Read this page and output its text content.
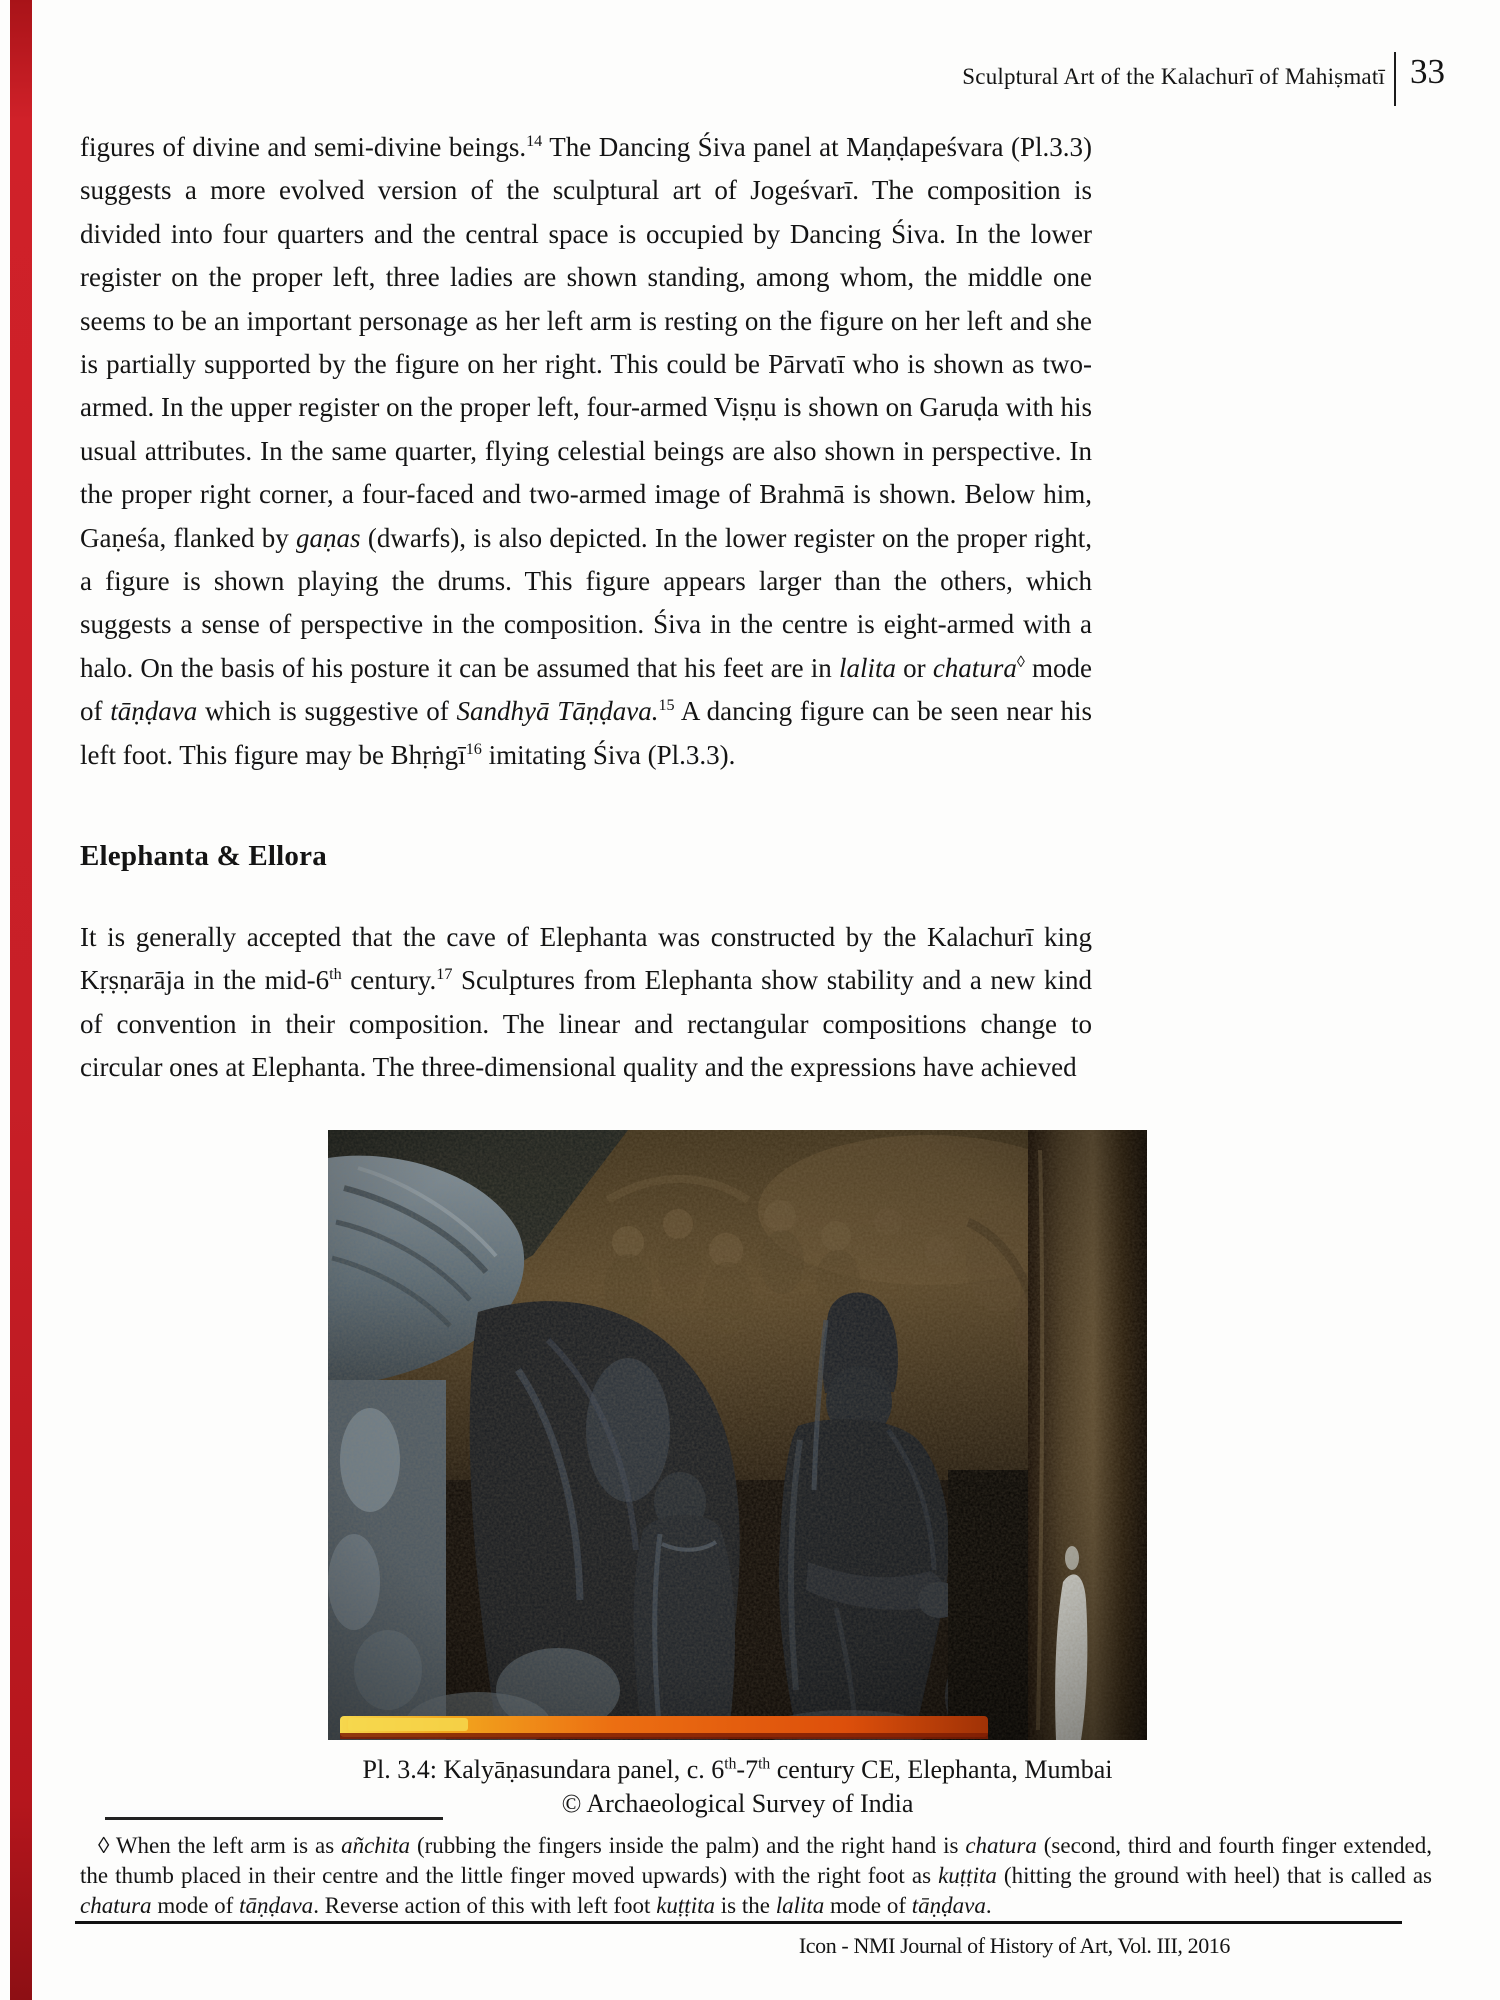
Sculptural Art of the Kalachurī of Mahiṣmatī 33

figures of divine and semi-divine beings.$^{14}$ The Dancing Śiva panel at Maṇḍapeśvara (Pl.3.3) suggests a more evolved version of the sculptural art of Jogeśvarī. The composition is divided into four quarters and the central space is occupied by Dancing Śiva. In the lower register on the proper left, three ladies are shown standing, among whom, the middle one seems to be an important personage as her left arm is resting on the figure on her left and she is partially supported by the figure on her right. This could be Pārvatī who is shown as two-armed. In the upper register on the proper left, four-armed Viṣṇu is shown on Garuḍa with his usual attributes. In the same quarter, flying celestial beings are also shown in perspective. In the proper right corner, a four-faced and two-armed image of Brahmā is shown. Below him, Gaṇeśa, flanked by gaṇas (dwarfs), is also depicted. In the lower register on the proper right, a figure is shown playing the drums. This figure appears larger than the others, which suggests a sense of perspective in the composition. Śiva in the centre is eight-armed with a halo. On the basis of his posture it can be assumed that his feet are in lalita or chatura◊ mode of tāṇḍava which is suggestive of Sandhyā Tāṇḍava.$^{15}$ A dancing figure can be seen near his left foot. This figure may be Bhṛṅgī$^{16}$ imitating Śiva (Pl.3.3).

Elephanta & Ellora

It is generally accepted that the cave of Elephanta was constructed by the Kalachurī king Kṛṣṇarāja in the mid-6th century.$^{17}$ Sculptures from Elephanta show stability and a new kind of convention in their composition. The linear and rectangular compositions change to circular ones at Elephanta. The three-dimensional quality and the expressions have achieved

Pl. 3.4: Kalyāṇasundara panel, c. 6th-7th century CE, Elephanta, Mumbai
© Archaeological Survey of India

◊ When the left arm is as añchita (rubbing the fingers inside the palm) and the right hand is chatura (second, third and fourth finger extended, the thumb placed in their centre and the little finger moved upwards) with the right foot as kuṭṭita (hitting the ground with heel) that is called as chatura mode of tāṇḍava. Reverse action of this with left foot kuṭṭita is the lalita mode of tāṇḍava.

Icon - NMI Journal of History of Art, Vol. III, 2016
